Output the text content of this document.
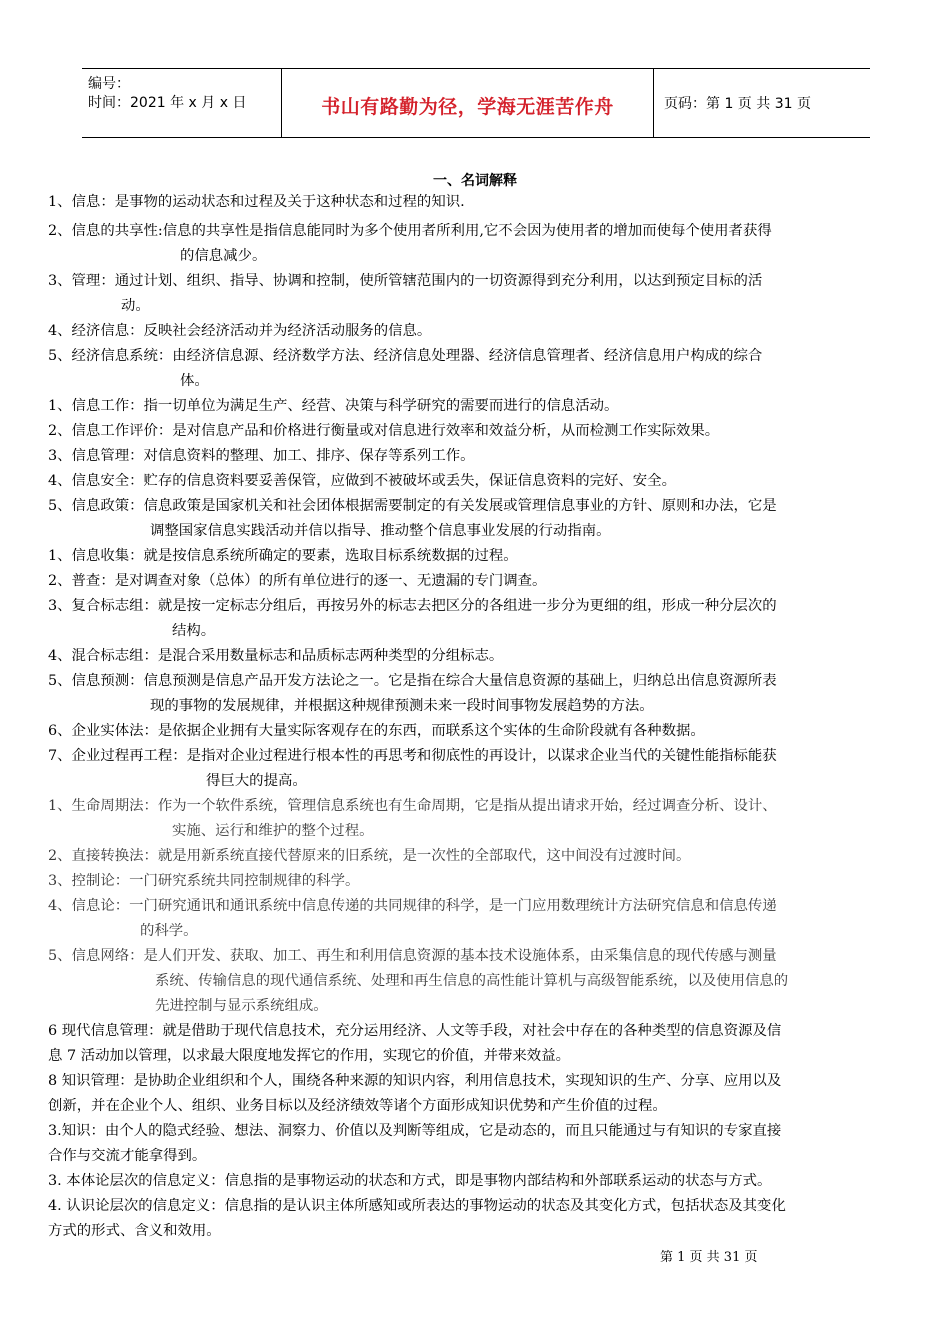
编号：
时间：2021 年 x 月 x 日	书山有路勤为径，学海无涯苦作舟	页码：第 1 页 共 31 页
一、名词解释
1、信息：是事物的运动状态和过程及关于这种状态和过程的知识.
2、信息的共享性:信息的共享性是指信息能同时为多个使用者所利用,它不会因为使用者的增加而使每个使用者获得
的信息减少。
3、管理：通过计划、组织、指导、协调和控制，使所管辖范围内的一切资源得到充分利用，以达到预定目标的活
动。
4、经济信息：反映社会经济活动并为经济活动服务的信息。
5、经济信息系统：由经济信息源、经济数学方法、经济信息处理器、经济信息管理者、经济信息用户构成的综合
体。
1、信息工作：指一切单位为满足生产、经营、决策与科学研究的需要而进行的信息活动。
2、信息工作评价：是对信息产品和价格进行衡量或对信息进行效率和效益分析，从而检测工作实际效果。
3、信息管理：对信息资料的整理、加工、排序、保存等系列工作。
4、信息安全：贮存的信息资料要妥善保管，应做到不被破坏或丢失，保证信息资料的完好、安全。
5、信息政策：信息政策是国家机关和社会团体根据需要制定的有关发展或管理信息事业的方针、原则和办法，它是
调整国家信息实践活动并信以指导、推动整个信息事业发展的行动指南。
1、信息收集：就是按信息系统所确定的要素，选取目标系统数据的过程。
2、普查：是对调查对象（总体）的所有单位进行的逐一、无遗漏的专门调查。
3、复合标志组：就是按一定标志分组后，再按另外的标志去把区分的各组进一步分为更细的组，形成一种分层次的
结构。
4、混合标志组：是混合采用数量标志和品质标志两种类型的分组标志。
5、信息预测：信息预测是信息产品开发方法论之一。它是指在综合大量信息资源的基础上，归纳总出信息资源所表
现的事物的发展规律，并根据这种规律预测未来一段时间事物发展趋势的方法。
6、企业实体法：是依据企业拥有大量实际客观存在的东西，而联系这个实体的生命阶段就有各种数据。
7、企业过程再工程：是指对企业过程进行根本性的再思考和彻底性的再设计，以谋求企业当代的关键性能指标能获
得巨大的提高。
1、生命周期法：作为一个软件系统，管理信息系统也有生命周期，它是指从提出请求开始，经过调查分析、设计、
实施、运行和维护的整个过程。
2、直接转换法：就是用新系统直接代替原来的旧系统，是一次性的全部取代，这中间没有过渡时间。
3、控制论：一门研究系统共同控制规律的科学。
4、信息论：一门研究通讯和通讯系统中信息传递的共同规律的科学，是一门应用数理统计方法研究信息和信息传递
的科学。
5、信息网络：是人们开发、获取、加工、再生和利用信息资源的基本技术设施体系，由采集信息的现代传感与测量
系统、传输信息的现代通信系统、处理和再生信息的高性能计算机与高级智能系统，以及使用信息的
先进控制与显示系统组成。
6 现代信息管理：就是借助于现代信息技术，充分运用经济、人文等手段，对社会中存在的各种类型的信息资源及信
息 7 活动加以管理，以求最大限度地发挥它的作用，实现它的价值，并带来效益。
8 知识管理：是协助企业组织和个人，围绕各种来源的知识内容，利用信息技术，实现知识的生产、分享、应用以及
创新，并在企业个人、组织、业务目标以及经济绩效等诸个方面形成知识优势和产生价值的过程。
3.知识：由个人的隐式经验、想法、洞察力、价值以及判断等组成，它是动态的，而且只能通过与有知识的专家直接
合作与交流才能拿得到。
3. 本体论层次的信息定义：信息指的是事物运动的状态和方式，即是事物内部结构和外部联系运动的状态与方式。
4. 认识论层次的信息定义：信息指的是认识主体所感知或所表达的事物运动的状态及其变化方式，包括状态及其变化
方式的形式、含义和效用。
第 1 页 共 31 页
